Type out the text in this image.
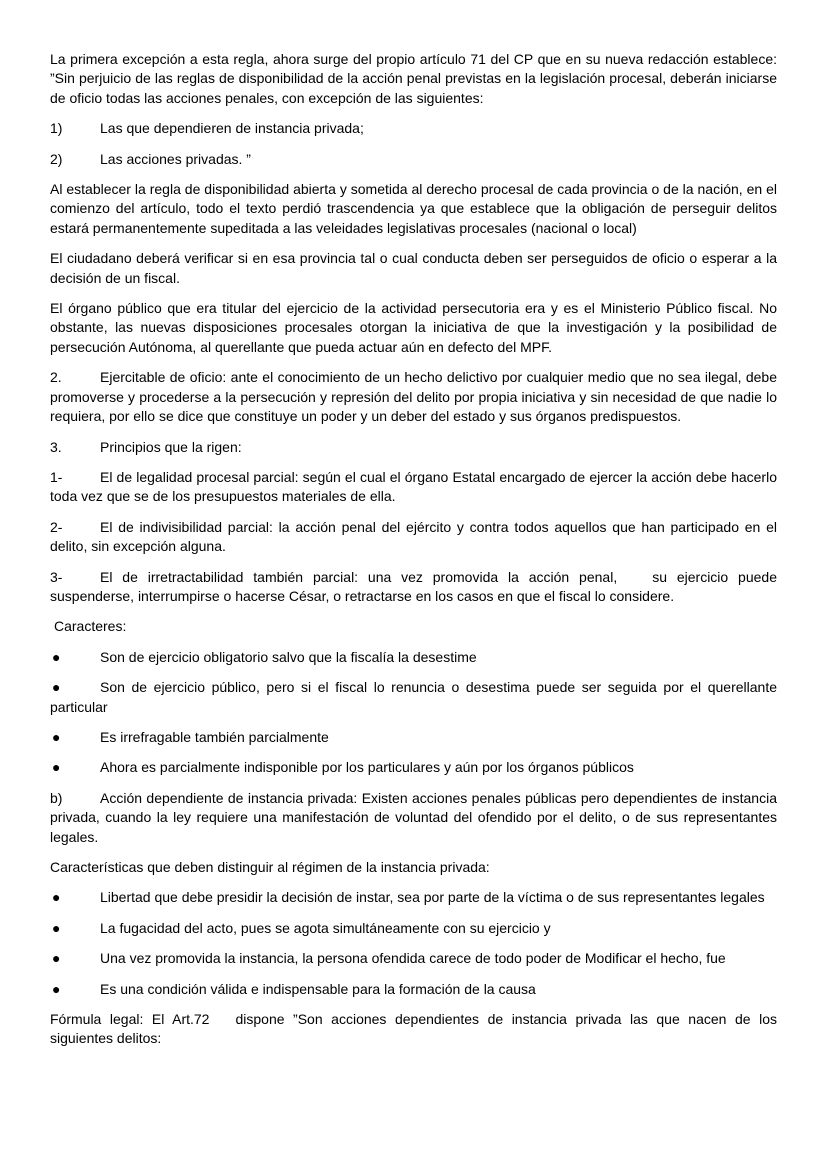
La primera excepción a esta regla, ahora surge del propio artículo 71 del CP que en su nueva redacción establece: ”Sin perjuicio de las reglas de disponibilidad de la acción penal previstas en la legislación procesal, deberán iniciarse de oficio todas las acciones penales, con excepción de las siguientes:

1)	Las que dependieren de instancia privada;
2)	Las acciones privadas. ”

Al establecer la regla de disponibilidad abierta y sometida al derecho procesal de cada provincia o de la nación, en el comienzo del artículo, todo el texto perdió trascendencia ya que establece que la obligación de perseguir delitos estará permanentemente supeditada a las veleidades legislativas procesales (nacional o local)

El ciudadano deberá verificar si en esa provincia tal o cual conducta deben ser perseguidos de oficio o esperar a la decisión de un fiscal.

El órgano público que era titular del ejercicio de la actividad persecutoria era y es el Ministerio Público fiscal. No obstante, las nuevas disposiciones procesales otorgan la iniciativa de que la investigación y la posibilidad de persecución Autónoma, al querellante que pueda actuar aún en defecto del MPF.

2.	Ejercitable de oficio: ante el conocimiento de un hecho delictivo por cualquier medio que no sea ilegal, debe promoverse y procederse a la persecución y represión del delito por propia iniciativa y sin necesidad de que nadie lo requiera, por ello se dice que constituye un poder y un deber del estado y sus órganos predispuestos.

3.	Principios que la rigen:

1-	El de legalidad procesal parcial: según el cual el órgano Estatal encargado de ejercer la acción debe hacerlo toda vez que se de los presupuestos materiales de ella.

2-	El de indivisibilidad parcial: la acción penal del ejército y contra todos aquellos que han participado en el delito, sin excepción alguna.

3-	El de irretractabilidad también parcial: una vez promovida la acción penal,	su ejercicio puede suspenderse, interrumpirse o hacerse César, o retractarse en los casos en que el fiscal lo considere.

Caracteres:

●	Son de ejercicio obligatorio salvo que la fiscalía la desestime

●	Son de ejercicio público, pero si el fiscal lo renuncia o desestima puede ser seguida por el querellante particular

●	Es irrefragable también parcialmente

●	Ahora es parcialmente indisponible por los particulares y aún por los órganos públicos

b)	Acción dependiente de instancia privada: Existen acciones penales públicas pero dependientes de instancia privada, cuando la ley requiere una manifestación de voluntad del ofendido por el delito, o de sus representantes legales.

Características que deben distinguir al régimen de la instancia privada:

●	Libertad que debe presidir la decisión de instar, sea por parte de la víctima o de sus representantes legales

●	La fugacidad del acto, pues se agota simultáneamente con su ejercicio y

●	Una vez promovida la instancia, la persona ofendida carece de todo poder de Modificar el hecho, fue

●	Es una condición válida e indispensable para la formación de la causa

Fórmula legal: El Art.72 dispone ”Son acciones dependientes de instancia privada las que nacen de los siguientes delitos:
